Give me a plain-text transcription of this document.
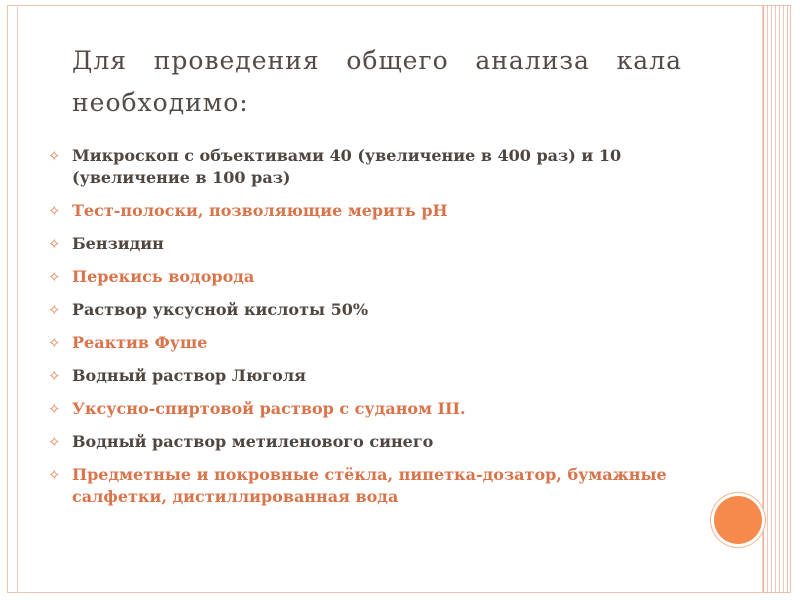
Для проведения общего анализа кала необходимо:
✧ Микроскоп с объективами 40 (увеличение в 400 раз) и 10 (увеличение в 100 раз)
✧ Тест-полоски, позволяющие мерить рН
✧ Бензидин
✧ Перекись водорода
✧ Раствор уксусной кислоты 50%
✧ Реактив Фуше
✧ Водный раствор Люголя
✧ Уксусно-спиртовой раствор с суданом III.
✧ Водный раствор метиленового синего
✧ Предметные и покровные стёкла, пипетка-дозатор, бумажные салфетки, дистиллированная вода
